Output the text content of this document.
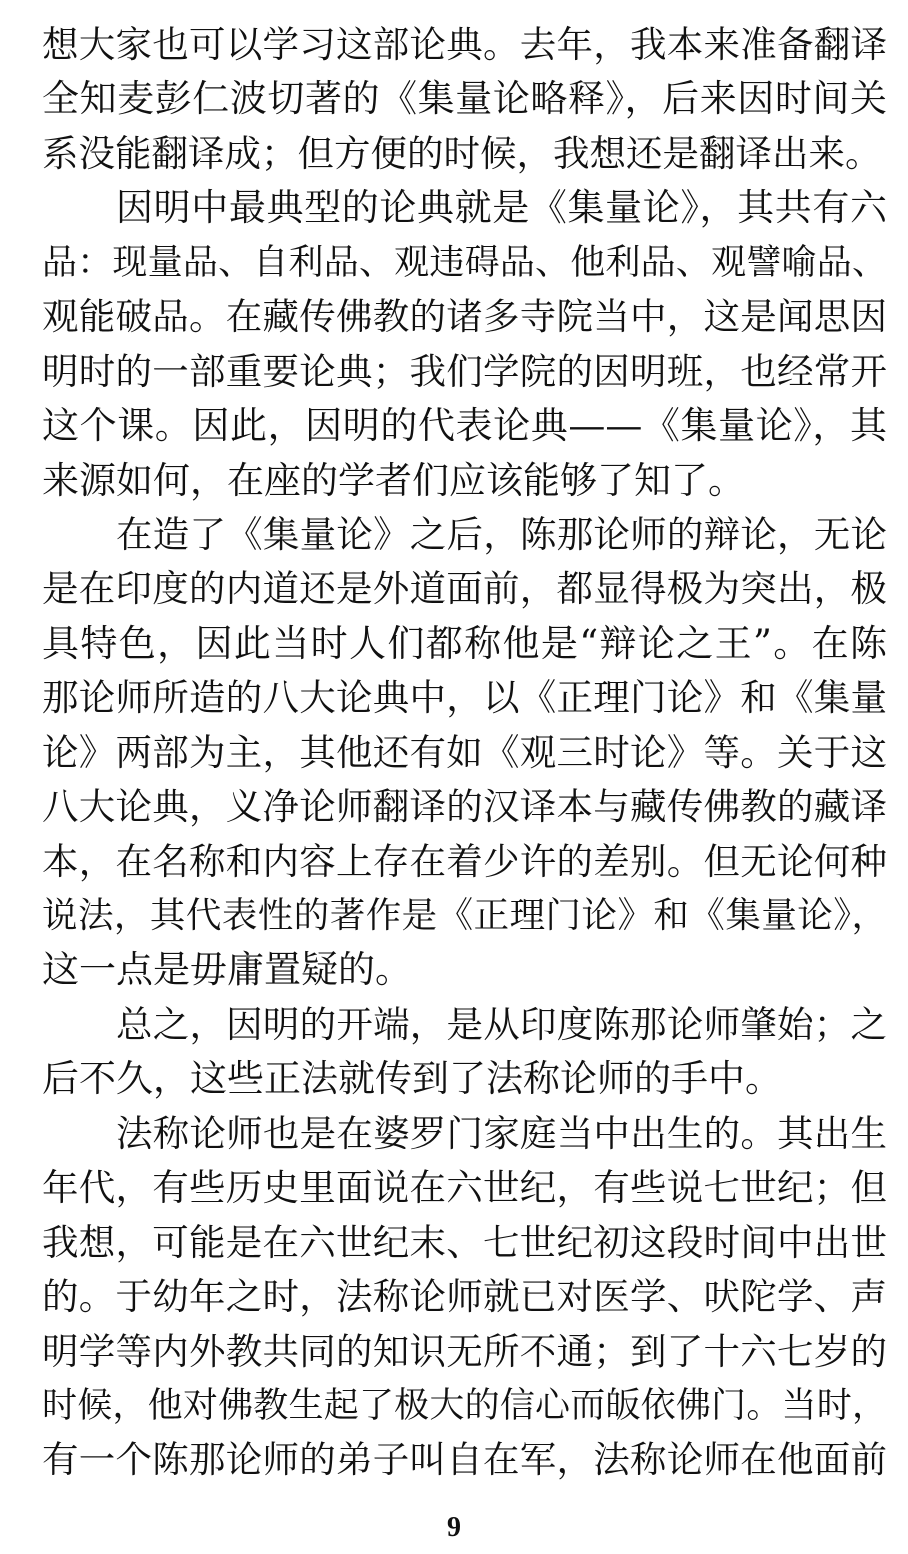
想大家也可以学习这部论典。去年，我本来准备翻译
全知麦彭仁波切著的《集量论略释》，后来因时间关
系没能翻译成；但方便的时候，我想还是翻译出来。
因明中最典型的论典就是《集量论》，其共有六
品：现量品、自利品、观违碍品、他利品、观譬喻品、
观能破品。在藏传佛教的诸多寺院当中，这是闻思因
明时的一部重要论典；我们学院的因明班，也经常开
这个课。因此，因明的代表论典——《集量论》，其
来源如何，在座的学者们应该能够了知了。
在造了《集量论》之后，陈那论师的辩论，无论
是在印度的内道还是外道面前，都显得极为突出，极
具特色，因此当时人们都称他是“辩论之王”。在陈
那论师所造的八大论典中，以《正理门论》和《集量
论》两部为主，其他还有如《观三时论》等。关于这
八大论典，义净论师翻译的汉译本与藏传佛教的藏译
本，在名称和内容上存在着少许的差别。但无论何种
说法，其代表性的著作是《正理门论》和《集量论》，
这一点是毋庸置疑的。
总之，因明的开端，是从印度陈那论师肇始；之
后不久，这些正法就传到了法称论师的手中。
法称论师也是在婆罗门家庭当中出生的。其出生
年代，有些历史里面说在六世纪，有些说七世纪；但
我想，可能是在六世纪末、七世纪初这段时间中出世
的。于幼年之时，法称论师就已对医学、吠陀学、声
明学等内外教共同的知识无所不通；到了十六七岁的
时候，他对佛教生起了极大的信心而皈依佛门。当时，
有一个陈那论师的弟子叫自在军，法称论师在他面前
9
